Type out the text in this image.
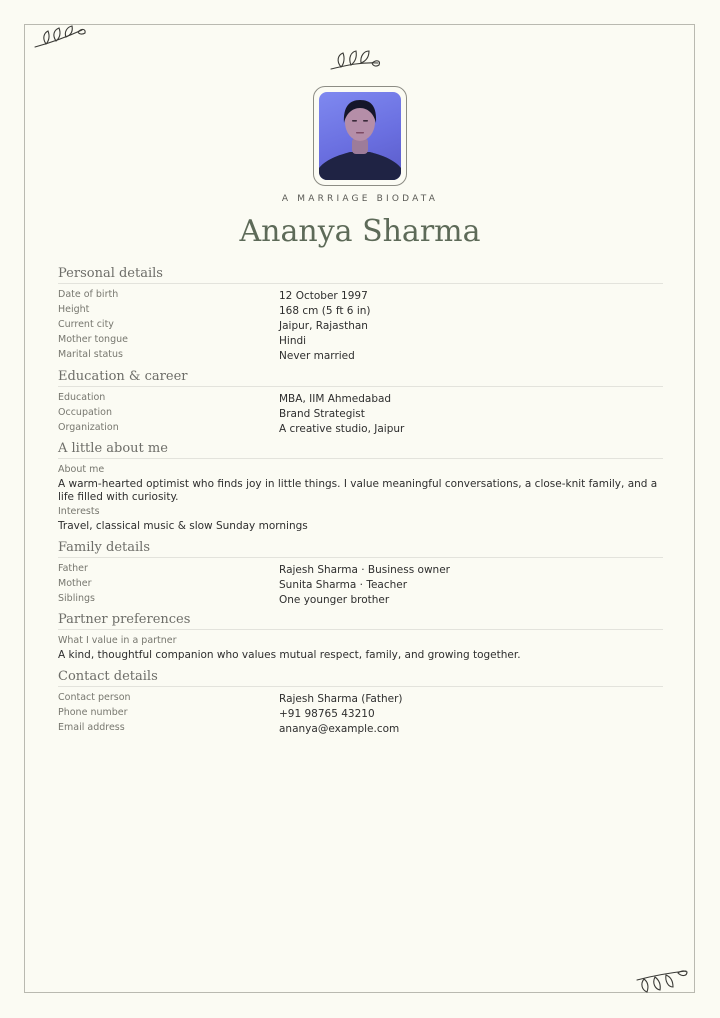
A MARRIAGE BIODATA
Ananya Sharma
Personal details
Date of birth	12 October 1997
Height	168 cm (5 ft 6 in)
Current city	Jaipur, Rajasthan
Mother tongue	Hindi
Marital status	Never married
Education & career
Education	MBA, IIM Ahmedabad
Occupation	Brand Strategist
Organization	A creative studio, Jaipur
A little about me
About me
A warm-hearted optimist who finds joy in little things. I value meaningful conversations, a close-knit family, and a life filled with curiosity.
Interests
Travel, classical music & slow Sunday mornings
Family details
Father	Rajesh Sharma · Business owner
Mother	Sunita Sharma · Teacher
Siblings	One younger brother
Partner preferences
What I value in a partner
A kind, thoughtful companion who values mutual respect, family, and growing together.
Contact details
Contact person	Rajesh Sharma (Father)
Phone number	+91 98765 43210
Email address	ananya@example.com
